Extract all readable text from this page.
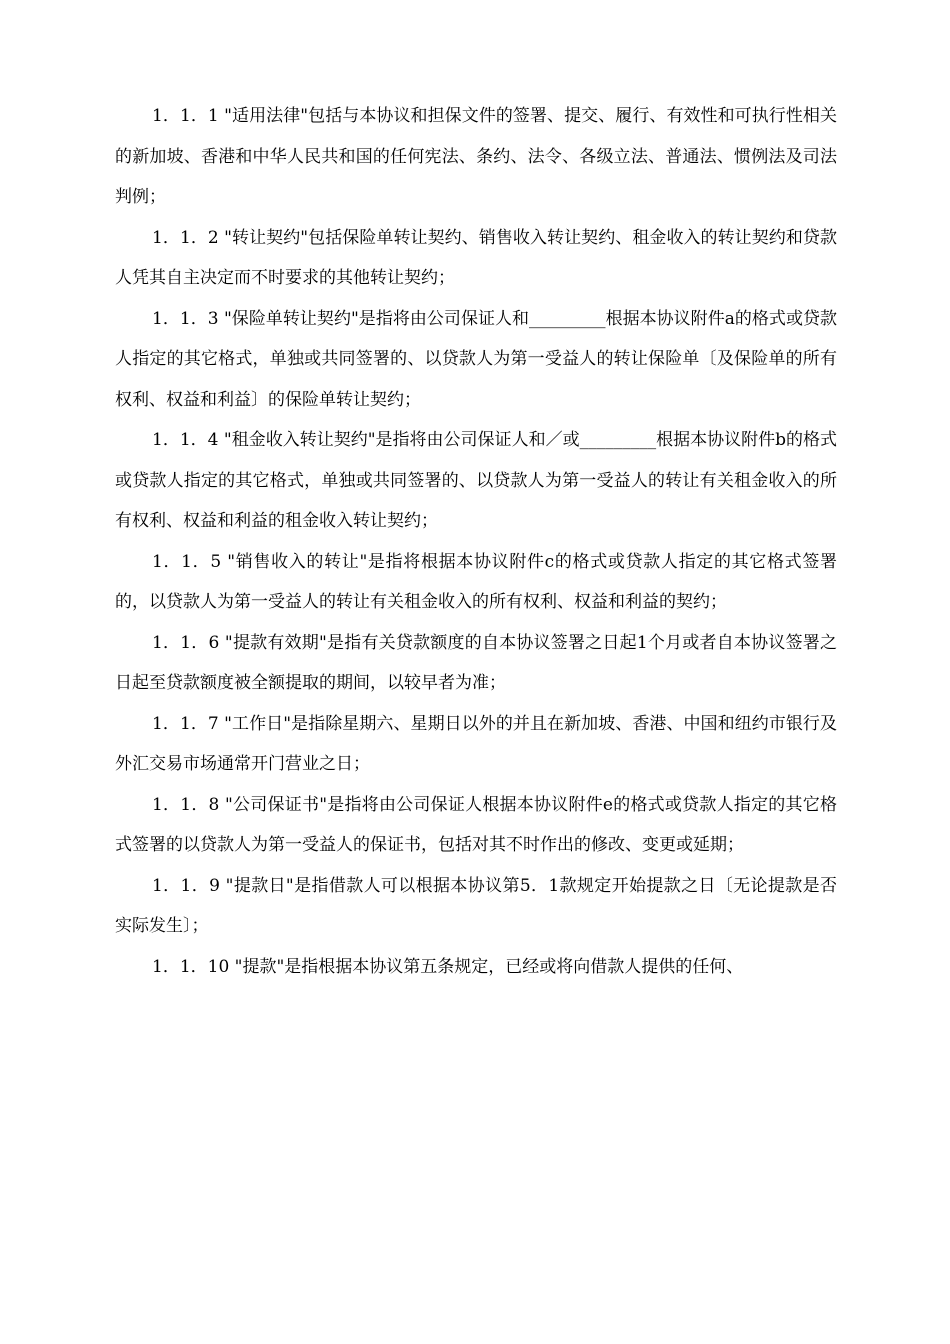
1．1．1 "适用法律"包括与本协议和担保文件的签署、提交、履行、有效性和可执行性相关的新加坡、香港和中华人民共和国的任何宪法、条约、法令、各级立法、普通法、惯例法及司法判例；

1．1．2 "转让契约"包括保险单转让契约、销售收入转让契约、租金收入的转让契约和贷款人凭其自主决定而不时要求的其他转让契约；

1．1．3 "保险单转让契约"是指将由公司保证人和_________根据本协议附件a的格式或贷款人指定的其它格式，单独或共同签署的、以贷款人为第一受益人的转让保险单〔及保险单的所有权利、权益和利益〕的保险单转让契约；

1．1．4 "租金收入转让契约"是指将由公司保证人和／或_________根据本协议附件b的格式或贷款人指定的其它格式，单独或共同签署的、以贷款人为第一受益人的转让有关租金收入的所有权利、权益和利益的租金收入转让契约；

1．1．5 "销售收入的转让"是指将根据本协议附件c的格式或贷款人指定的其它格式签署的，以贷款人为第一受益人的转让有关租金收入的所有权利、权益和利益的契约；

1．1．6 "提款有效期"是指有关贷款额度的自本协议签署之日起1个月或者自本协议签署之日起至贷款额度被全额提取的期间，以较早者为准；

1．1．7 "工作日"是指除星期六、星期日以外的并且在新加坡、香港、中国和纽约市银行及外汇交易市场通常开门营业之日；

1．1．8 "公司保证书"是指将由公司保证人根据本协议附件e的格式或贷款人指定的其它格式签署的以贷款人为第一受益人的保证书，包括对其不时作出的修改、变更或延期；

1．1．9 "提款日"是指借款人可以根据本协议第5．1款规定开始提款之日〔无论提款是否实际发生〕；

1．1．10 "提款"是指根据本协议第五条规定，已经或将向借款人提供的任何、
